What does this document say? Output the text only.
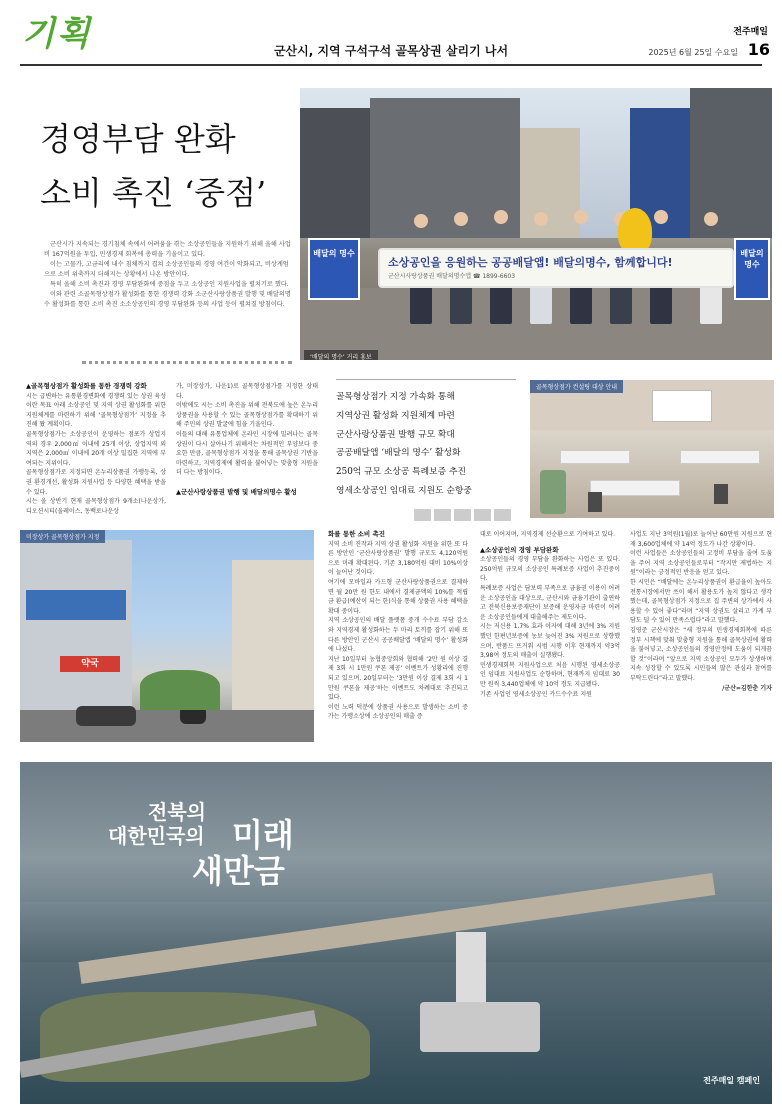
기획	군산시, 지역 구석구석 골목상권 살리기 나서
전주매일
2025년 6월 25일 수요일 16
경영부담 완화
소비 촉진 ‘중점’

군산시가 지속되는 경기침체 속에서 어려움을 겪는 소상공인들을 지원하기 위해 올해 사업비 167억원을 투입, 민생경제 회복에 총력을 기울이고 있다.

이는 고물가, 고금리에 내수 침체까지 겹쳐 소상공인들의 경영 여건이 악화되고, 비상계엄으로 소비 위축까지 더해지는 상황에서 나온 방안이다.

특히 올해 소비 촉진과 경영 부담완화에 중점을 두고 소상공인 지원사업을 펼치기로 했다.

이와 관련 소골목형상점가 활성화를 통한 경쟁력 강화 소군산사랑상품권 발행 및 배달의명수 활성화를 통한 소비 촉진 소소상공인의 경영 부담완화 등의 사업 등이 펼쳐질 방침이다.

소상공인을 응원하는 공공배달앱! 배달의명수, 함께합니다!
군산시사랑상품권 배달의명수앱 ☎ 1899-6603
배달의 명수	배달의 명수
‘배달의 명수’ 거리 홍보
▲골목형상점가 활성화를 통한 경쟁력 강화

시는 급변하는 유통환경변화에 경쟁력 있는 상권 육성이란 목표 아래 소상공인 및 지역 상권 활성화를 위한 지원체계를 마련하기 위해 ‘골목형상점가’ 지정을 추진해 왔 계획이다.

골목형상점가는 소상공인이 운영하는 점포가 상업지역의 경우 2,000㎡ 이내에 25개 이상, 상업지역 외 지역은 2,000㎡ 이내에 20개 이상 밀집한 지역에 부여되는 지위이다.

골목형상점가로 지정되면 온누리상품권 가맹등록, 상권 환경개선, 활성화 지원사업 등 다양한 혜택을 받을 수 있다.

시는 올 상반기 현재 골목형상점가 9개소(나운상가, 디오션시티(울레이스, 동백로나운상

가, 미장상가, 나운1)로 골목형상점가를 지정한 상태다.

이밖에도 시는 소비 촉진을 위해 전북도에 높은 온누리상품권을 사용할 수 있는 골목형상점가를 확대하기 위해 주민의 상권 발굴에 힘을 기울인다.

이들의 대해 유통업체에 온라인 시장에 밀려나는 골목상권이 다시 살아나기 위해서는 차원적인 부양보다 중요한 만큼, 골목형상점가 지정을 통해 골목상권 기반을 마련하고, 지역경제에 활력을 불어넣는 맞춤형 지원을 더 다는 방침이다.

▲군산사랑상품권 발행 및 배달의명수 활성
골목형상점가 지정 가속화 통해
지역상권 활성화 지원체계 마련
군산사랑상품권 발행 규모 확대
공공배달앱 ‘배달의 명수’ 활성화
250억 규모 소상공 특례보증 추진
영세소상공인 임대료 지원도 순항중
골목형상점가 컨설팅 대상 안내
약국
미장상가 골목형상점가 지정	화를 통한 소비 촉진

지역 소비 진작과 지역 상권 활성화 지원을 위한 또 다른 방안인 ‘군산사랑상품권’ 발행 규모도 4,120억원으로 미래 확대된다. 기존 3,180억원 대비 10%이상이 늘어난 것이다.

여기에 모바일과 카드형 군산사랑상품권으로 결제하면 월 20만 원 한도 내에서 결제금액의 10%를 적립금 환급(예산이 되는 한)식을 통해 상품권 사용 혜택을 확대 중이다.

지역 소상공인의 배달 플랫폼 중개 수수료 부담 감소와 지역경제 활성화하는 두 마리 토끼를 잡기 위해 또 다른 방안인 군산시 공공배달앱 ‘배달의 명수’ 활성화에 나섰다.

지난 10일부터 농협중앙회와 협력해 ‘2만 원 이상 결제 3회 시 1만원 쿠폰 제공’ 이벤트가 성황리에 진행되고 있으며, 20일부터는 ‘3만원 이상 결제 3회 시 1만원 쿠폰을 제공’하는 이벤트도 차례대로 추진되고 있다.

이런 노력 덕분에 상품권 사용으로 발생하는 소비 증가는 가맹소상에 소상공인의 매출 증

대로 이어지며, 지역경제 선순환으로 기여하고 있다.

▲소상공인의 경영 부담완화

소상공인들의 경영 부담을 완화하는 사업은 또 있다. 250억원 규모의 소상공인 특례보증 사업이 추진중이다.

특례보증 사업은 담보력 부족으로 금융권 이용이 어려운 소상공인을 대상으로, 군산시와 금융기관이 출연하고 전북신용보증재단이 보증해 운영자금 마련이 어려운 소상공인들에게 대출해주는 제도이다.

시는 저신용 1.7% 효과 이자에 대해 3년에 3% 지원했던 한편년보증에 농보 늦어진 3% 지원으로 상향했으며, 반품드 뜨거워 시범 시행 이후 현재까지 약3억 3,98여 정도의 매출이 실행됐다.

민생경제회복 지원사업으로 처음 시행된 영세소상공인 임대료 지원사업도 순항하며, 현재까지 임대료 30만 원씩 3,440업체에 약 10억 정도 지급됐다.

기존 사업인 영세소상공인 카드수수료 지원

사업도 지난 3억원(1월)로 늘어난 60만원 지원으로 현재 3,600업체에 약 14억 정도가 나간 상황이다.

이런 사업들은 소상공인들의 고정비 부담을 줄여 도움을 주어 지역 소상공인들로부터 “작지만 제법하는 지원”이라는 긍정적인 반응을 얻고 있다.

한 시민은 “배달에는 온누리상품권이 환급율이 높아도 전통시장에서만 쓰이 해서 활용도가 높지 않다고 생각했는데, 골목형상점가 지정으로 집 주변의 상가에서 사용할 수 있어 좋다”라며 “지역 상권도 살리고 가계 부담도 덜 수 있어 만족스럽다”라고 말했다.

김영준 군산시장은 “새 정부의 민생경제회복에 따른 정부 시책에 맞춰 맞춤형 지원을 통해 골목상권에 활력을 불어넣고, 소상공인들의 경영안정에 도움이 되게끔 할 것”이라며 “앞으로 지역 소상공인 모두가 상생하며 지속 성장할 수 있도록 시민들의 많은 관심과 참여를 부탁드린다”라고 말했다.

/군산=김한춘 기자

전북의
대한민국의 미래
새만금
전주매일 캠페인
